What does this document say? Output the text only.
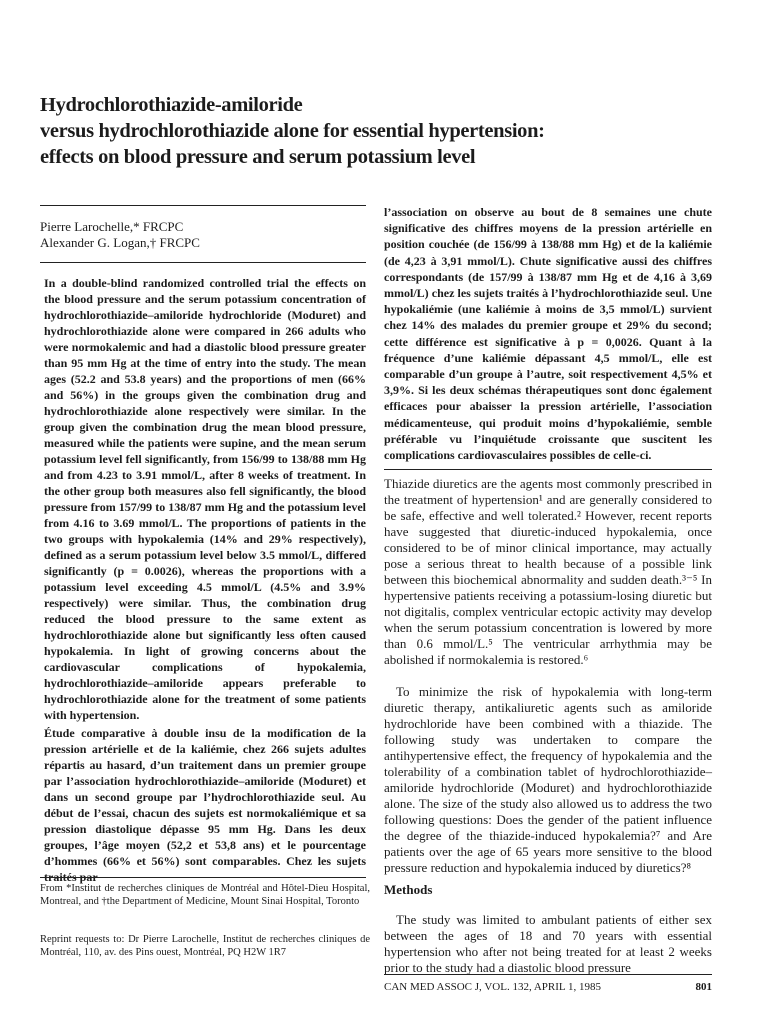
Hydrochlorothiazide-amiloride
versus hydrochlorothiazide alone for essential hypertension:
effects on blood pressure and serum potassium level
Pierre Larochelle,* FRCPC
Alexander G. Logan,† FRCPC

In a double-blind randomized controlled trial the effects on the blood pressure and the serum potassium concentration of hydrochlorothiazide–amiloride hydrochloride (Moduret) and hydrochlorothiazide alone were compared in 266 adults who were normokalemic and had a diastolic blood pressure greater than 95 mm Hg at the time of entry into the study. The mean ages (52.2 and 53.8 years) and the proportions of men (66% and 56%) in the groups given the combination drug and hydrochlorothiazide alone respectively were similar. In the group given the combination drug the mean blood pressure, measured while the patients were supine, and the mean serum potassium level fell significantly, from 156/99 to 138/88 mm Hg and from 4.23 to 3.91 mmol/L, after 8 weeks of treatment. In the other group both measures also fell significantly, the blood pressure from 157/99 to 138/87 mm Hg and the potassium level from 4.16 to 3.69 mmol/L. The proportions of patients in the two groups with hypokalemia (14% and 29% respectively), defined as a serum potassium level below 3.5 mmol/L, differed significantly (p = 0.0026), whereas the proportions with a potassium level exceeding 4.5 mmol/L (4.5% and 3.9% respectively) were similar. Thus, the combination drug reduced the blood pressure to the same extent as hydrochlorothiazide alone but significantly less often caused hypokalemia. In light of growing concerns about the cardiovascular complications of hypokalemia, hydrochlorothiazide–amiloride appears preferable to hydrochlorothiazide alone for the treatment of some patients with hypertension.

Étude comparative à double insu de la modification de la pression artérielle et de la kaliémie, chez 266 sujets adultes répartis au hasard, d’un traitement dans un premier groupe par l’association hydrochlorothiazide–amiloride (Moduret) et dans un second groupe par l’hydrochlorothiazide seul. Au début de l’essai, chacun des sujets est normokaliémique et sa pression diastolique dépasse 95 mm Hg. Dans les deux groupes, l’âge moyen (52,2 et 53,8 ans) et le pourcentage d’hommes (66% et 56%) sont comparables. Chez les sujets traités par

From *Institut de recherches cliniques de Montréal and Hôtel-Dieu Hospital, Montreal, and †the Department of Medicine, Mount Sinai Hospital, Toronto

Reprint requests to: Dr Pierre Larochelle, Institut de recherches cliniques de Montréal, 110, av. des Pins ouest, Montréal, PQ H2W 1R7

l’association on observe au bout de 8 semaines une chute significative des chiffres moyens de la pression artérielle en position couchée (de 156/99 à 138/88 mm Hg) et de la kaliémie (de 4,23 à 3,91 mmol/L). Chute significative aussi des chiffres correspondants (de 157/99 à 138/87 mm Hg et de 4,16 à 3,69 mmol/L) chez les sujets traités à l’hydrochlorothiazide seul. Une hypokaliémie (une kaliémie à moins de 3,5 mmol/L) survient chez 14% des malades du premier groupe et 29% du second; cette différence est significative à p = 0,0026. Quant à la fréquence d’une kaliémie dépassant 4,5 mmol/L, elle est comparable d’un groupe à l’autre, soit respectivement 4,5% et 3,9%. Si les deux schémas thérapeutiques sont donc également efficaces pour abaisser la pression artérielle, l’association médicamenteuse, qui produit moins d’hypokaliémie, semble préférable vu l’inquiétude croissante que suscitent les complications cardiovasculaires possibles de celle-ci.

Thiazide diuretics are the agents most commonly prescribed in the treatment of hypertension¹ and are generally considered to be safe, effective and well tolerated.² However, recent reports have suggested that diuretic-induced hypokalemia, once considered to be of minor clinical importance, may actually pose a serious threat to health because of a possible link between this biochemical abnormality and sudden death.³⁻⁵ In hypertensive patients receiving a potassium-losing diuretic but not digitalis, complex ventricular ectopic activity may develop when the serum potassium concentration is lowered by more than 0.6 mmol/L.⁵ The ventricular arrhythmia may be abolished if normokalemia is restored.⁶

To minimize the risk of hypokalemia with long-term diuretic therapy, antikaliuretic agents such as amiloride hydrochloride have been combined with a thiazide. The following study was undertaken to compare the antihypertensive effect, the frequency of hypokalemia and the tolerability of a combination tablet of hydrochlorothiazide–amiloride hydrochloride (Moduret) and hydrochlorothiazide alone. The size of the study also allowed us to address the two following questions: Does the gender of the patient influence the degree of the thiazide-induced hypokalemia?⁷ and Are patients over the age of 65 years more sensitive to the blood pressure reduction and hypokalemia induced by diuretics?⁸

Methods

The study was limited to ambulant patients of either sex between the ages of 18 and 70 years with essential hypertension who after not being treated for at least 2 weeks prior to the study had a diastolic blood pressure

CAN MED ASSOC J, VOL. 132, APRIL 1, 1985	801
